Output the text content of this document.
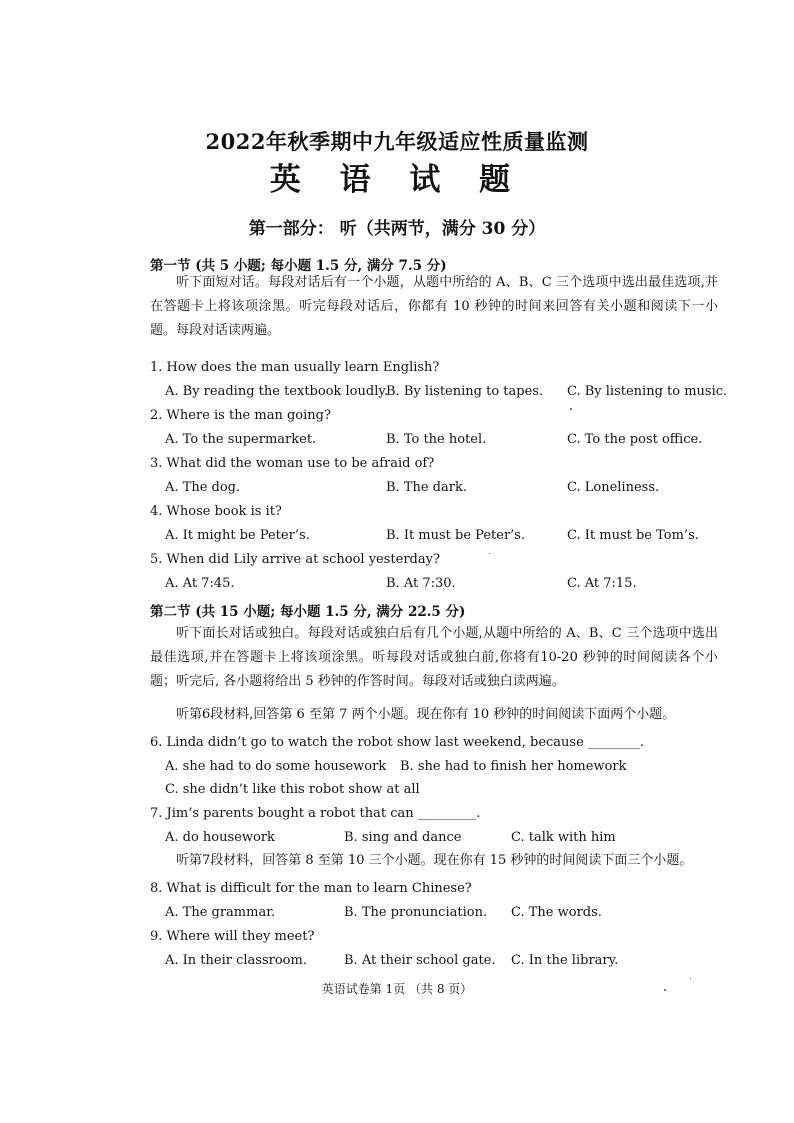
2022年秋季期中九年级适应性质量监测
英 语 试 题
第一部分： 听（共两节，满分 30 分）
第一节 (共 5 小题; 每小题 1.5 分, 满分 7.5 分)
听下面短对话。每段对话后有一个小题，从题中所给的 A、B、C 三个选项中选出最佳选项,并在答题卡上将该项涂黑。听完每段对话后，你都有 10 秒钟的时间来回答有关小题和阅读下一小题。每段对话读两遍。
1. How does the man usually learn English?
A. By reading the textbook loudly.
B. By listening to tapes. C. By listening to music.
2. Where is the man going?
A. To the supermarket.	B. To the hotel.	C. To the post office.
3. What did the woman use to be afraid of?
A. The dog.	B. The dark.	C. Loneliness.
4. Whose book is it?
A. It might be Peter’s.	B. It must be Peter’s.	C. It must be Tom’s.
5. When did Lily arrive at school yesterday?
A. At 7:45.	B. At 7:30.	C. At 7:15.
第二节 (共 15 小题; 每小题 1.5 分, 满分 22.5 分)
听下面长对话或独白。每段对话或独白后有几个小题,从题中所给的 A、B、C 三个选项中选出最佳选项,并在答题卡上将该项涂黑。听每段对话或独白前,你将有10-20 秒钟的时间阅读各个小题；听完后, 各小题将给出 5 秒钟的作答时间。每段对话或独白读两遍。
听第6段材料,回答第 6 至第 7 两个小题。现在你有 10 秒钟的时间阅读下面两个小题。
6. Linda didn’t go to watch the robot show last weekend, because ________.
A. she had to do some housework B. she had to finish her homework
C. she didn’t like this robot show at all
7. Jim’s parents bought a robot that can _________.
A. do housework	B. sing and dance	C. talk with him
听第7段材料，回答第 8 至第 10 三个小题。现在你有 15 秒钟的时间阅读下面三个小题。
8. What is difficult for the man to learn Chinese?
A. The grammar.	B. The pronunciation. C. The words.
9. Where will they meet?
A. In their classroom.	B. At their school gate. C. In the library.
英语试卷第 1页 （共 8 页）
